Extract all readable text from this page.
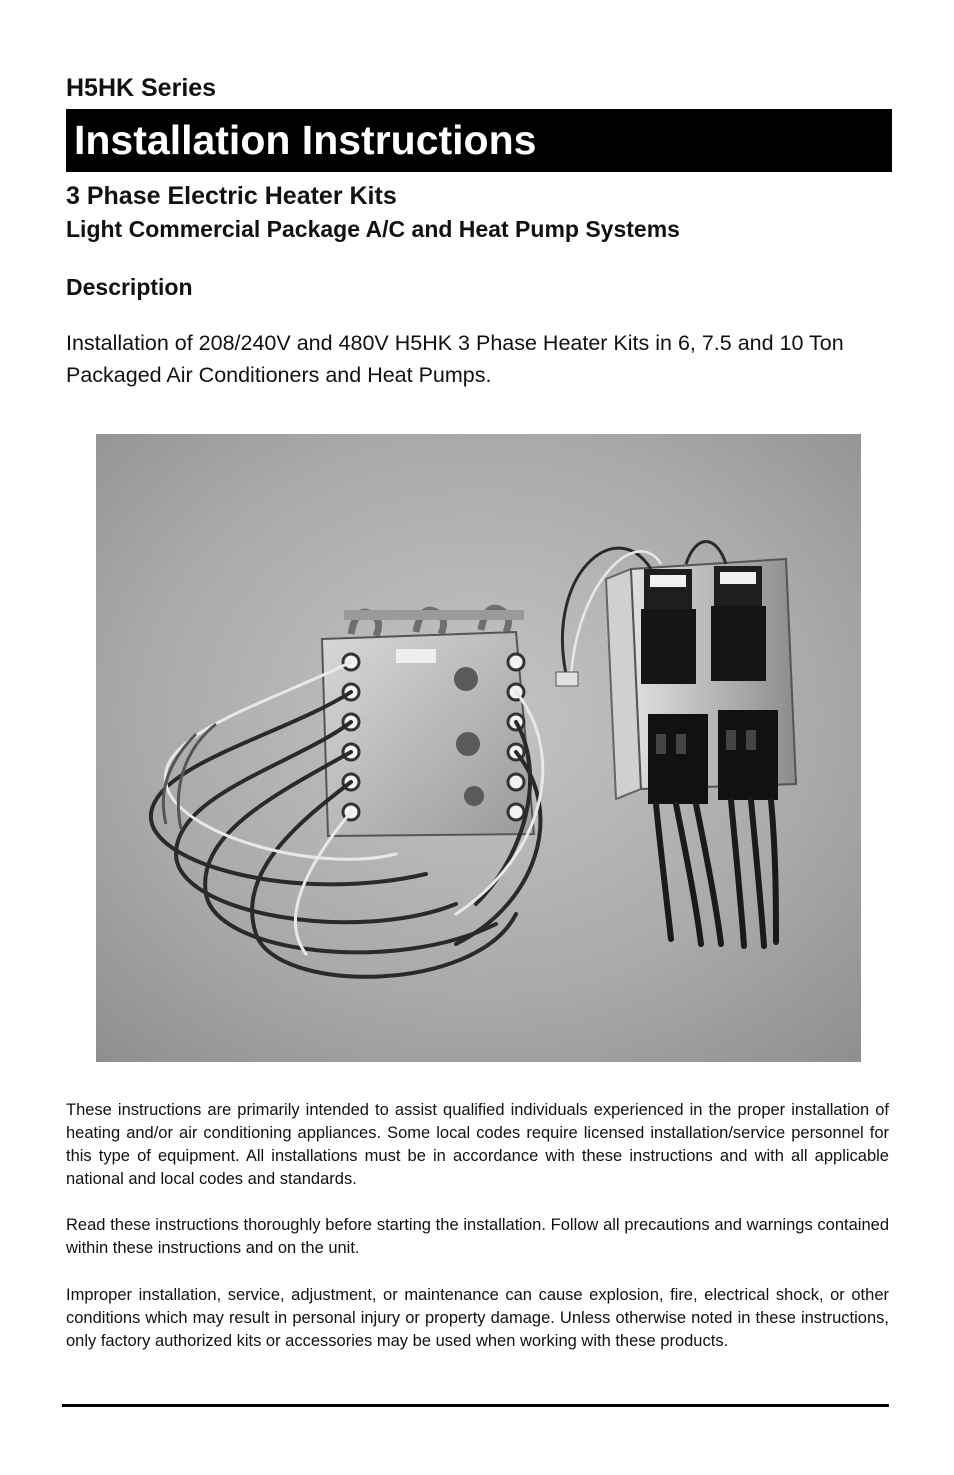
H5HK Series
Installation Instructions
3 Phase Electric Heater Kits
Light Commercial Package A/C and Heat Pump Systems
Description
Installation of 208/240V and 480V H5HK 3 Phase Heater Kits in 6, 7.5 and 10 Ton Packaged Air Conditioners and Heat Pumps.
These instructions are primarily intended to assist qualified individuals experienced in the proper installation of heating and/or air conditioning appliances. Some local codes require licensed installation/service personnel for this type of equipment. All installations must be in accordance with these instructions and with all applicable national and local codes and standards.
Read these instructions thoroughly before starting the installation. Follow all precautions and warnings contained within these instructions and on the unit.
Improper installation, service, adjustment, or maintenance can cause explosion, fire, electrical shock, or other conditions which may result in personal injury or property damage. Unless otherwise noted in these instructions, only factory authorized kits or accessories may be used when working with these products.
